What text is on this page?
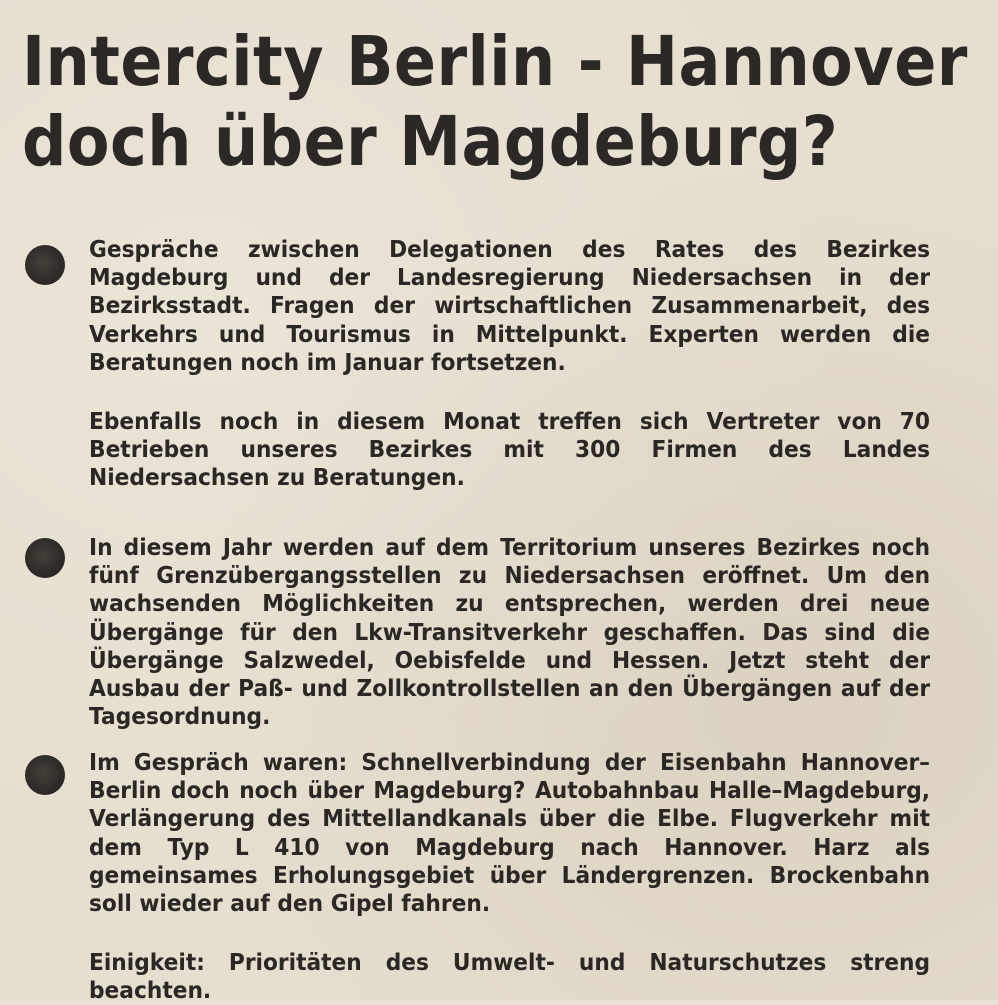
Intercity Berlin - Hannover
doch über Magdeburg?

Gespräche zwischen Delegationen des Rates des Bezirkes Magdeburg und der Landesregierung Niedersachsen in der Bezirksstadt. Fragen der wirtschaftlichen Zusammenarbeit, des Verkehrs und Tourismus in Mittelpunkt. Experten werden die Beratungen noch im Januar fortsetzen.

Ebenfalls noch in diesem Monat treffen sich Vertreter von 70 Betrieben unseres Bezirkes mit 300 Firmen des Landes Niedersachsen zu Beratungen.

In diesem Jahr werden auf dem Territorium unseres Bezirkes noch fünf Grenzübergangsstellen zu Niedersachsen eröffnet. Um den wachsenden Möglichkeiten zu entsprechen, werden drei neue Übergänge für den Lkw-Transitverkehr geschaffen. Das sind die Übergänge Salzwedel, Oebisfelde und Hessen. Jetzt steht der Ausbau der Paß- und Zollkontrollstellen an den Übergängen auf der Tagesordnung.

Im Gespräch waren: Schnellverbindung der Eisenbahn Hannover–Berlin doch noch über Magdeburg? Autobahnbau Halle–Magdeburg, Verlängerung des Mittellandkanals über die Elbe. Flugverkehr mit dem Typ L 410 von Magdeburg nach Hannover. Harz als gemeinsames Erholungsgebiet über Ländergrenzen. Brockenbahn soll wieder auf den Gipel fahren.

Einigkeit: Prioritäten des Umwelt- und Naturschutzes streng beachten.
